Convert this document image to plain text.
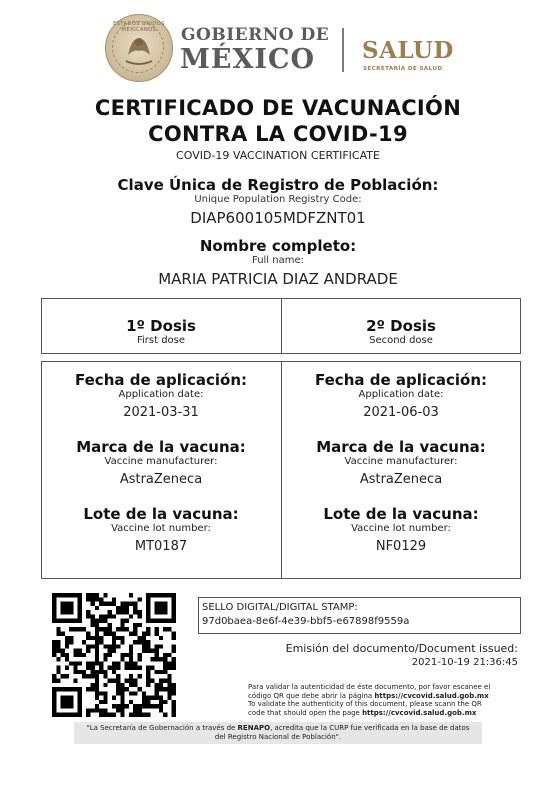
ESTADOS UNIDOS MEXICANOS	GOBIERNO DE
MÉXICO SALUD
SECRETARÍA DE SALUD
CERTIFICADO DE VACUNACIÓN
CONTRA LA COVID-19
COVID-19 VACCINATION CERTIFICATE
Clave Única de Registro de Población:
Unique Population Registry Code:
DIAP600105MDFZNT01
Nombre completo:
Full name:
MARIA PATRICIA DIAZ ANDRADE
1º Dosis
First dose
2º Dosis
Second dose
Fecha de aplicación:
Application date:
2021-03-31
Marca de la vacuna:
Vaccine manufacturer:
AstraZeneca
Lote de la vacuna:
Vaccine lot number:
MT0187
Fecha de aplicación:
Application date:
2021-06-03
Marca de la vacuna:
Vaccine manufacturer:
AstraZeneca
Lote de la vacuna:
Vaccine lot number:
NF0129
SELLO DIGITAL/DIGITAL STAMP:
97d0baea-8e6f-4e39-bbf5-e67898f9559a
Emisión del documento/Document issued:
2021-10-19 21:36:45
Para validar la autenticidad de éste documento, por favor escanee el
código QR que debe abrir la página https://cvcovid.salud.gob.mx
To validate the authenticity of this document, please scann the QR
code that should open the page https://cvcovid.salud.gob.mx
"La Secretaría de Gobernación a través de RENAPO, acredita que la CURP fue verificada en la base de datos
del Registro Nacional de Población".
